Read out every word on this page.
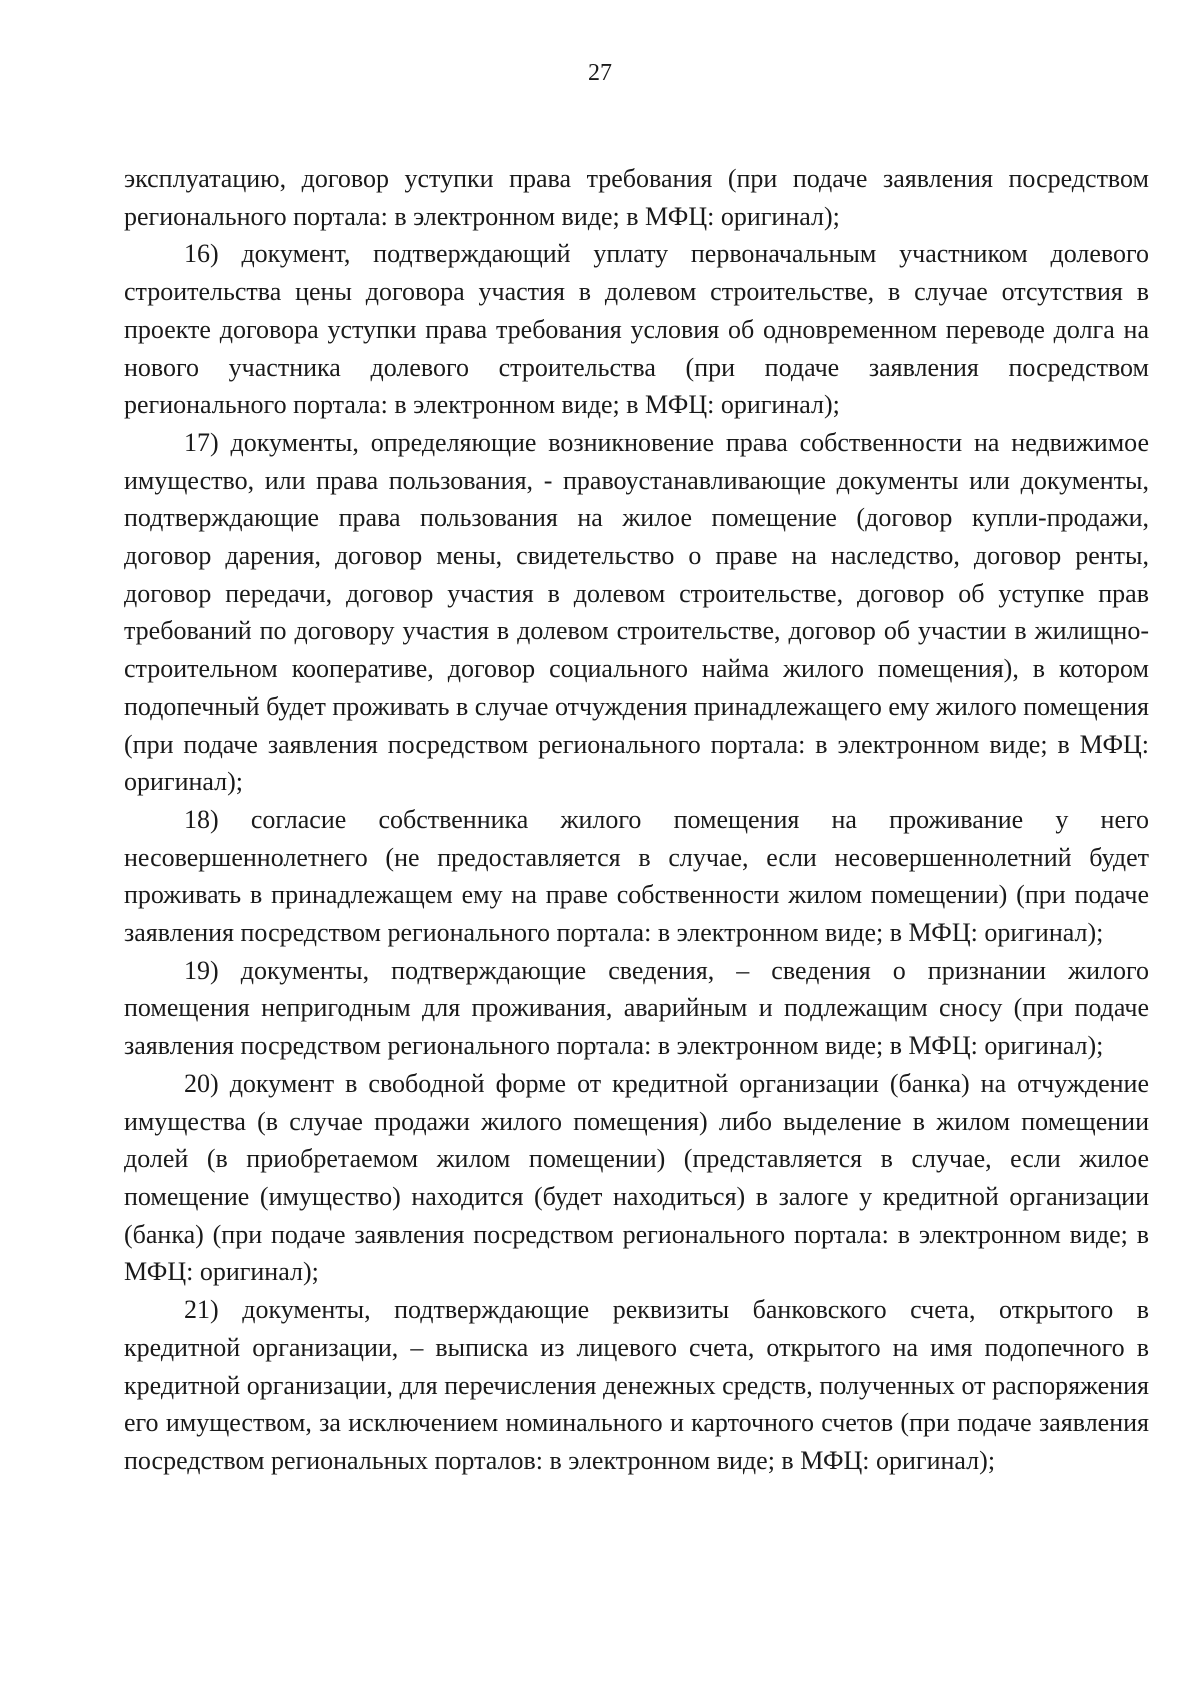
27

эксплуатацию, договор уступки права требования (при подаче заявления посредством регионального портала: в электронном виде; в МФЦ: оригинал);

16) документ, подтверждающий уплату первоначальным участником долевого строительства цены договора участия в долевом строительстве, в случае отсутствия в проекте договора уступки права требования условия об одновременном переводе долга на нового участника долевого строительства (при подаче заявления посредством регионального портала: в электронном виде; в МФЦ: оригинал);

17) документы, определяющие возникновение права собственности на недвижимое имущество, или права пользования, - правоустанавливающие документы или документы, подтверждающие права пользования на жилое помещение (договор купли-продажи, договор дарения, договор мены, свидетельство о праве на наследство, договор ренты, договор передачи, договор участия в долевом строительстве, договор об уступке прав требований по договору участия в долевом строительстве, договор об участии в жилищно-строительном кооперативе, договор социального найма жилого помещения), в котором подопечный будет проживать в случае отчуждения принадлежащего ему жилого помещения (при подаче заявления посредством регионального портала: в электронном виде; в МФЦ: оригинал);

18) согласие собственника жилого помещения на проживание у него несовершеннолетнего (не предоставляется в случае, если несовершеннолетний будет проживать в принадлежащем ему на праве собственности жилом помещении) (при подаче заявления посредством регионального портала: в электронном виде; в МФЦ: оригинал);

19) документы, подтверждающие сведения, – сведения о признании жилого помещения непригодным для проживания, аварийным и подлежащим сносу (при подаче заявления посредством регионального портала: в электронном виде; в МФЦ: оригинал);

20) документ в свободной форме от кредитной организации (банка) на отчуждение имущества (в случае продажи жилого помещения) либо выделение в жилом помещении долей (в приобретаемом жилом помещении) (представляется в случае, если жилое помещение (имущество) находится (будет находиться) в залоге у кредитной организации (банка) (при подаче заявления посредством регионального портала: в электронном виде; в МФЦ: оригинал);

21) документы, подтверждающие реквизиты банковского счета, открытого в кредитной организации, – выписка из лицевого счета, открытого на имя подопечного в кредитной организации, для перечисления денежных средств, полученных от распоряжения его имуществом, за исключением номинального и карточного счетов (при подаче заявления посредством региональных порталов: в электронном виде; в МФЦ: оригинал);
